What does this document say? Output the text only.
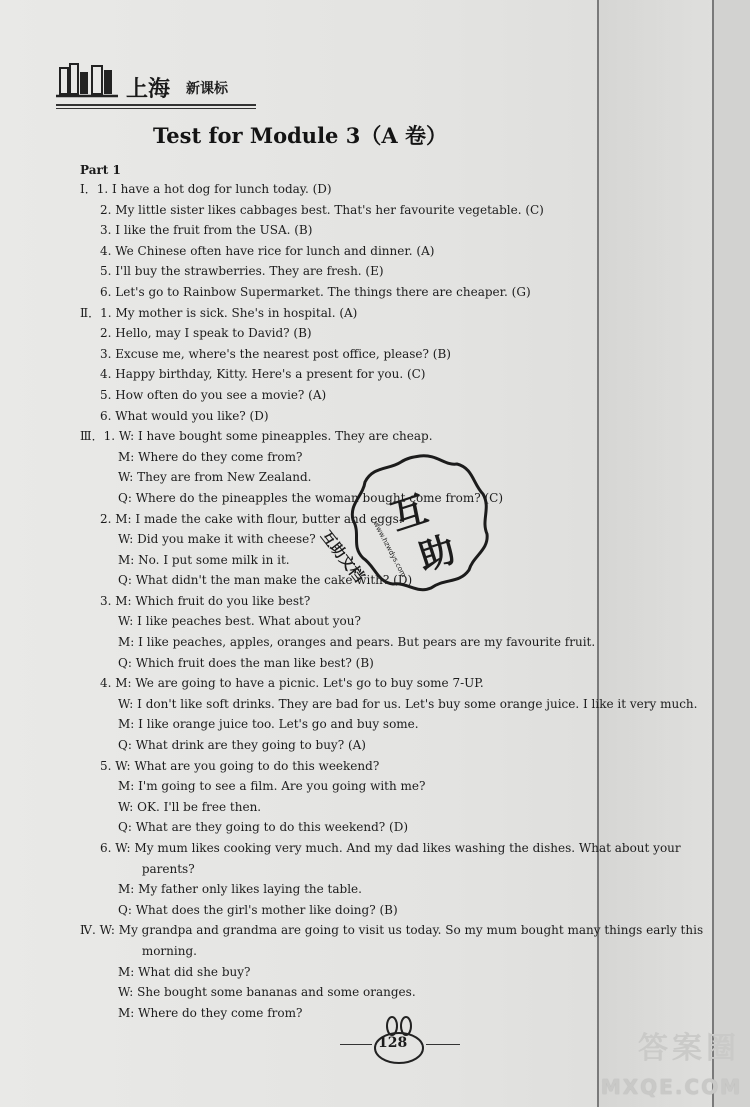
上海 新课标
Test for Module 3（A 卷）
Part 1
Ⅰ．1. I have a hot dog for lunch today. (D)
2. My little sister likes cabbages best. That's her favourite vegetable. (C)
3. I like the fruit from the USA. (B)
4. We Chinese often have rice for lunch and dinner. (A)
5. I'll buy the strawberries. They are fresh. (E)
6. Let's go to Rainbow Supermarket. The things there are cheaper. (G)
Ⅱ．1. My mother is sick. She's in hospital. (A)
2. Hello, may I speak to David? (B)
3. Excuse me, where's the nearest post office, please? (B)
4. Happy birthday, Kitty. Here's a present for you. (C)
5. How often do you see a movie? (A)
6. What would you like? (D)
Ⅲ．1. W: I have bought some pineapples. They are cheap.
M: Where do they come from?
W: They are from New Zealand.
Q: Where do the pineapples the woman bought come from? (C)
2. M: I made the cake with flour, butter and eggs.
W: Did you make it with cheese?
M: No. I put some milk in it.
Q: What didn't the man make the cake with? (D)
3. M: Which fruit do you like best?
W: I like peaches best. What about you?
M: I like peaches, apples, oranges and pears. But pears are my favourite fruit.
Q: Which fruit does the man like best? (B)
4. M: We are going to have a picnic. Let's go to buy some 7-UP.
W: I don't like soft drinks. They are bad for us. Let's buy some orange juice. I like it very much.
M: I like orange juice too. Let's go and buy some.
Q: What drink are they going to buy? (A)
5. W: What are you going to do this weekend?
M: I'm going to see a film. Are you going with me?
W: OK. I'll be free then.
Q: What are they going to do this weekend? (D)
6. W: My mum likes cooking very much. And my dad likes washing the dishes. What about your
parents?
M: My father only likes laying the table.
Q: What does the girl's mother like doing? (B)
Ⅳ. W: My grandpa and grandma are going to visit us today. So my mum bought many things early this
morning.
M: What did she buy?
W: She bought some bananas and some oranges.
M: Where do they come from?
互
助
www.hzwdys.com
互助文档
128	答案圈
MXQE.COM
